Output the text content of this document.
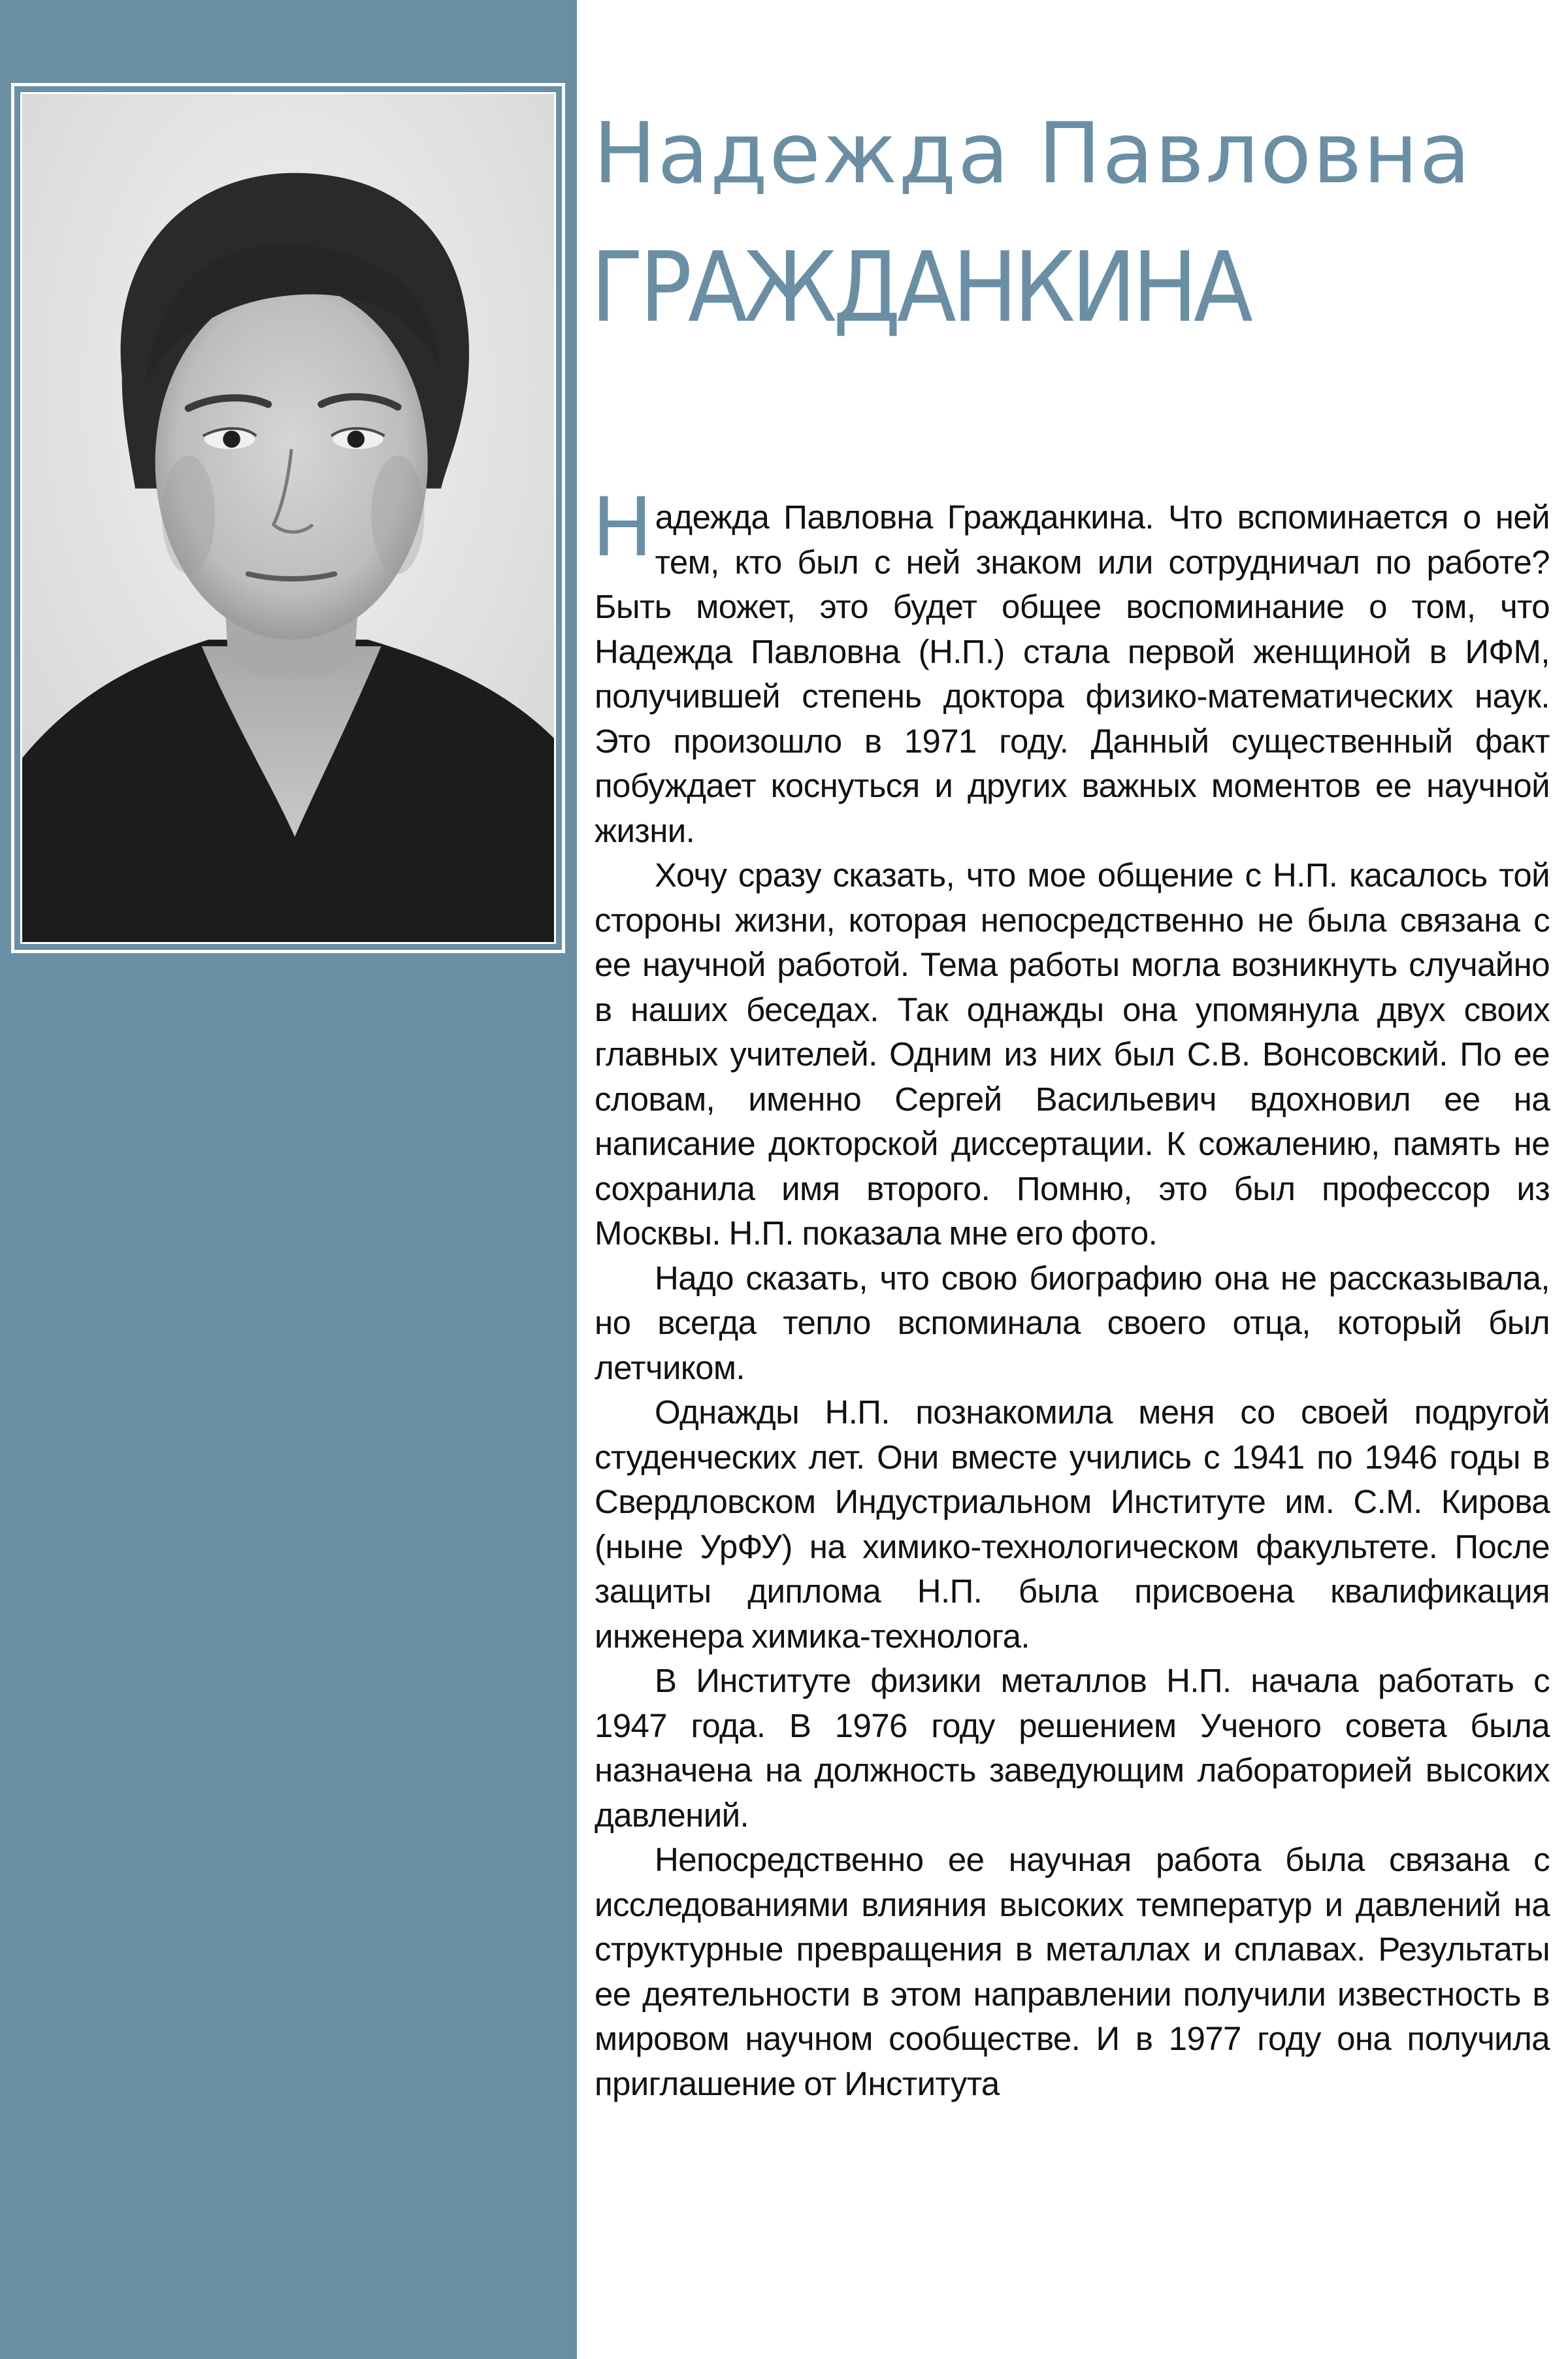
Надежда Павловна
ГРАЖДАНКИНА

Надежда Павловна Гражданкина. Что вспоминается о ней тем, кто был с ней знаком или сотрудничал по работе? Быть может, это будет общее воспоминание о том, что Надежда Павловна (Н.П.) стала первой женщиной в ИФМ, получившей степень доктора физико-математических наук. Это произошло в 1971 году. Данный существенный факт побуждает коснуться и других важных моментов ее научной жизни.

Хочу сразу сказать, что мое общение с Н.П. касалось той стороны жизни, которая непосредственно не была связана с ее научной работой. Тема работы могла возникнуть случайно в наших беседах. Так однажды она упомянула двух своих главных учителей. Одним из них был С.В. Вонсовский. По ее словам, именно Сергей Васильевич вдохновил ее на написание докторской диссертации. К сожалению, память не сохранила имя второго. Помню, это был профессор из Москвы. Н.П. показала мне его фото.

Надо сказать, что свою биографию она не рассказывала, но всегда тепло вспоминала своего отца, который был летчиком.

Однажды Н.П. познакомила меня со своей подругой студенческих лет. Они вместе учились с 1941 по 1946 годы в Свердловском Индустриальном Институте им. С.М. Кирова (ныне УрФУ) на химико-технологическом факультете. После защиты диплома Н.П. была присвоена квалификация инженера химика-технолога.

В Институте физики металлов Н.П. начала работать с 1947 года. В 1976 году решением Ученого совета была назначена на должность заведующим лабораторией высоких давлений.

Непосредственно ее научная работа была связана с исследованиями влияния высоких температур и давлений на структурные превращения в металлах и сплавах. Результаты ее деятельности в этом направлении получили известность в мировом научном сообществе. И в 1977 году она получила приглашение от Института
